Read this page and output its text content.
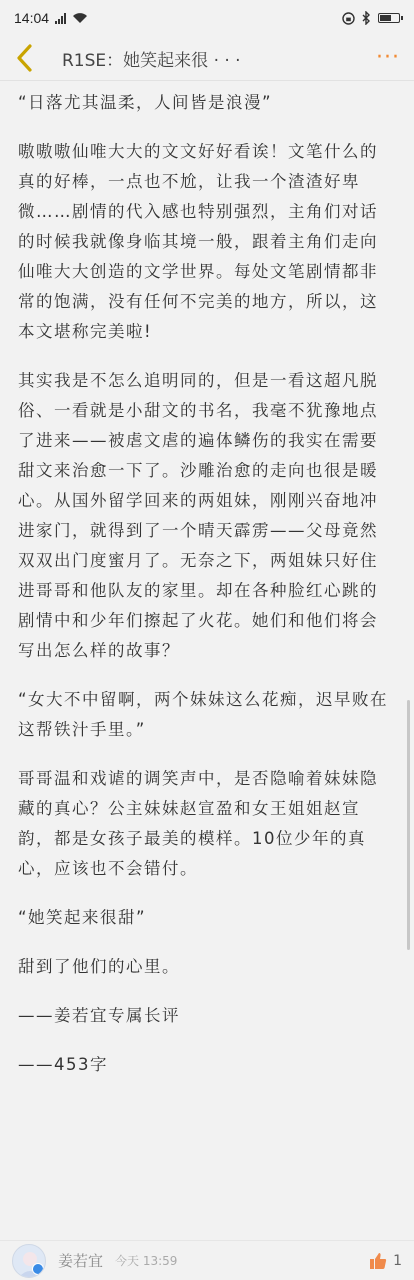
14:04
R1SE：她笑起来很 · · ·	···

“日落尤其温柔，人间皆是浪漫”

嗷嗷嗷仙唯大大的文文好好看诶！文笔什么的真的好棒，一点也不尬，让我一个渣渣好卑微……剧情的代入感也特别强烈，主角们对话的时候我就像身临其境一般，跟着主角们走向仙唯大大创造的文学世界。每处文笔剧情都非常的饱满，没有任何不完美的地方，所以，这本文堪称完美啦!

其实我是不怎么追明同的，但是一看这超凡脱俗、一看就是小甜文的书名，我毫不犹豫地点了进来——被虐文虐的遍体鳞伤的我实在需要甜文来治愈一下了。沙雕治愈的走向也很是暖心。从国外留学回来的两姐妹，刚刚兴奋地冲进家门，就得到了一个晴天霹雳——父母竟然双双出门度蜜月了。无奈之下，两姐妹只好住进哥哥和他队友的家里。却在各种脸红心跳的剧情中和少年们擦起了火花。她们和他们将会写出怎么样的故事？

“女大不中留啊，两个妹妹这么花痴，迟早败在这帮铁汁手里。”

哥哥温和戏谑的调笑声中，是否隐喻着妹妹隐藏的真心？公主妹妹赵宣盈和女王姐姐赵宣韵，都是女孩子最美的模样。10位少年的真心，应该也不会错付。

“她笑起来很甜”

甜到了他们的心里。

——姜若宜专属长评

——453字

姜若宜 今天 13:59	1
